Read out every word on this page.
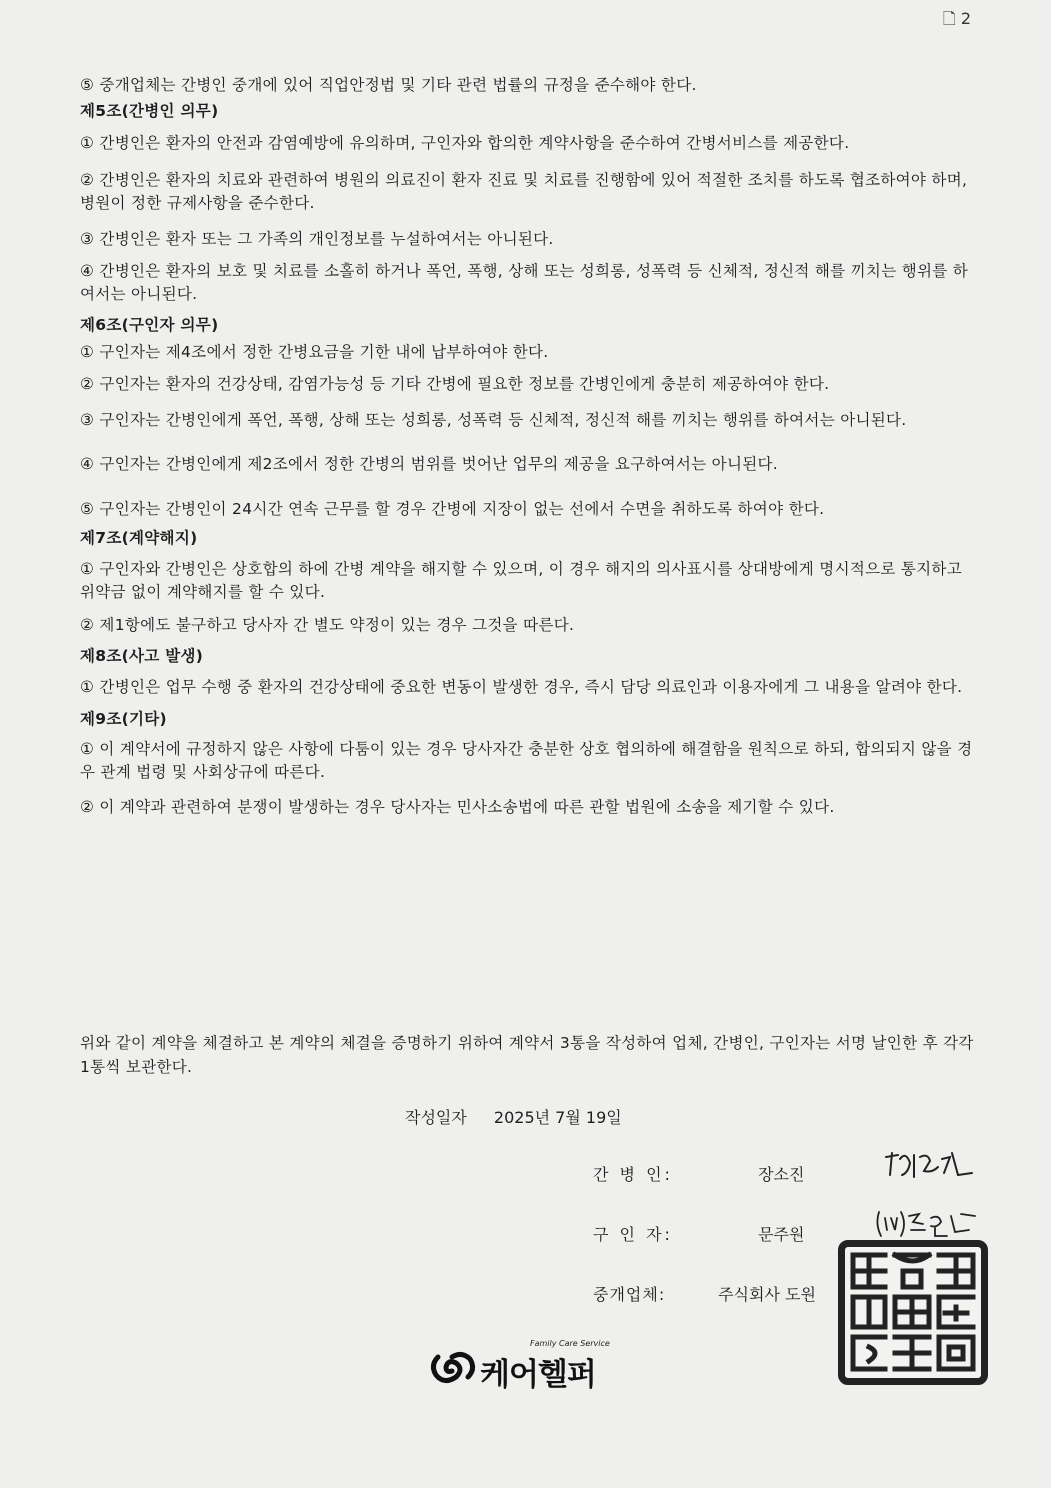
🗋 2

⑤ 중개업체는 간병인 중개에 있어 직업안정법 및 기타 관련 법률의 규정을 준수해야 한다.

제5조(간병인 의무)

① 간병인은 환자의 안전과 감염예방에 유의하며, 구인자와 합의한 계약사항을 준수하여 간병서비스를 제공한다.

② 간병인은 환자의 치료와 관련하여 병원의 의료진이 환자 진료 및 치료를 진행함에 있어 적절한 조치를 하도록 협조하여야 하며, 병원이 정한 규제사항을 준수한다.

③ 간병인은 환자 또는 그 가족의 개인정보를 누설하여서는 아니된다.

④ 간병인은 환자의 보호 및 치료를 소홀히 하거나 폭언, 폭행, 상해 또는 성희롱, 성폭력 등 신체적, 정신적 해를 끼치는 행위를 하여서는 아니된다.

제6조(구인자 의무)

① 구인자는 제4조에서 정한 간병요금을 기한 내에 납부하여야 한다.

② 구인자는 환자의 건강상태, 감염가능성 등 기타 간병에 필요한 정보를 간병인에게 충분히 제공하여야 한다.

③ 구인자는 간병인에게 폭언, 폭행, 상해 또는 성희롱, 성폭력 등 신체적, 정신적 해를 끼치는 행위를 하여서는 아니된다.

④ 구인자는 간병인에게 제2조에서 정한 간병의 범위를 벗어난 업무의 제공을 요구하여서는 아니된다.

⑤ 구인자는 간병인이 24시간 연속 근무를 할 경우 간병에 지장이 없는 선에서 수면을 취하도록 하여야 한다.

제7조(계약해지)

① 구인자와 간병인은 상호합의 하에 간병 계약을 해지할 수 있으며, 이 경우 해지의 의사표시를 상대방에게 명시적으로 통지하고 위약금 없이 계약해지를 할 수 있다.

② 제1항에도 불구하고 당사자 간 별도 약정이 있는 경우 그것을 따른다.

제8조(사고 발생)

① 간병인은 업무 수행 중 환자의 건강상태에 중요한 변동이 발생한 경우, 즉시 담당 의료인과 이용자에게 그 내용을 알려야 한다.

제9조(기타)

① 이 계약서에 규정하지 않은 사항에 다툼이 있는 경우 당사자간 충분한 상호 협의하에 해결함을 원칙으로 하되, 합의되지 않을 경우 관계 법령 및 사회상규에 따른다.

② 이 계약과 관련하여 분쟁이 발생하는 경우 당사자는 민사소송법에 따른 관할 법원에 소송을 제기할 수 있다.

위와 같이 계약을 체결하고 본 계약의 체결을 증명하기 위하여 계약서 3통을 작성하여 업체, 간병인, 구인자는 서명 날인한 후 각각 1통씩 보관한다.

작성일자 2025년 7월 19일
간 병 인:	장소진
구 인 자:	문주원
중개업체:	주식회사 도원
Family Care Service
케어헬퍼
